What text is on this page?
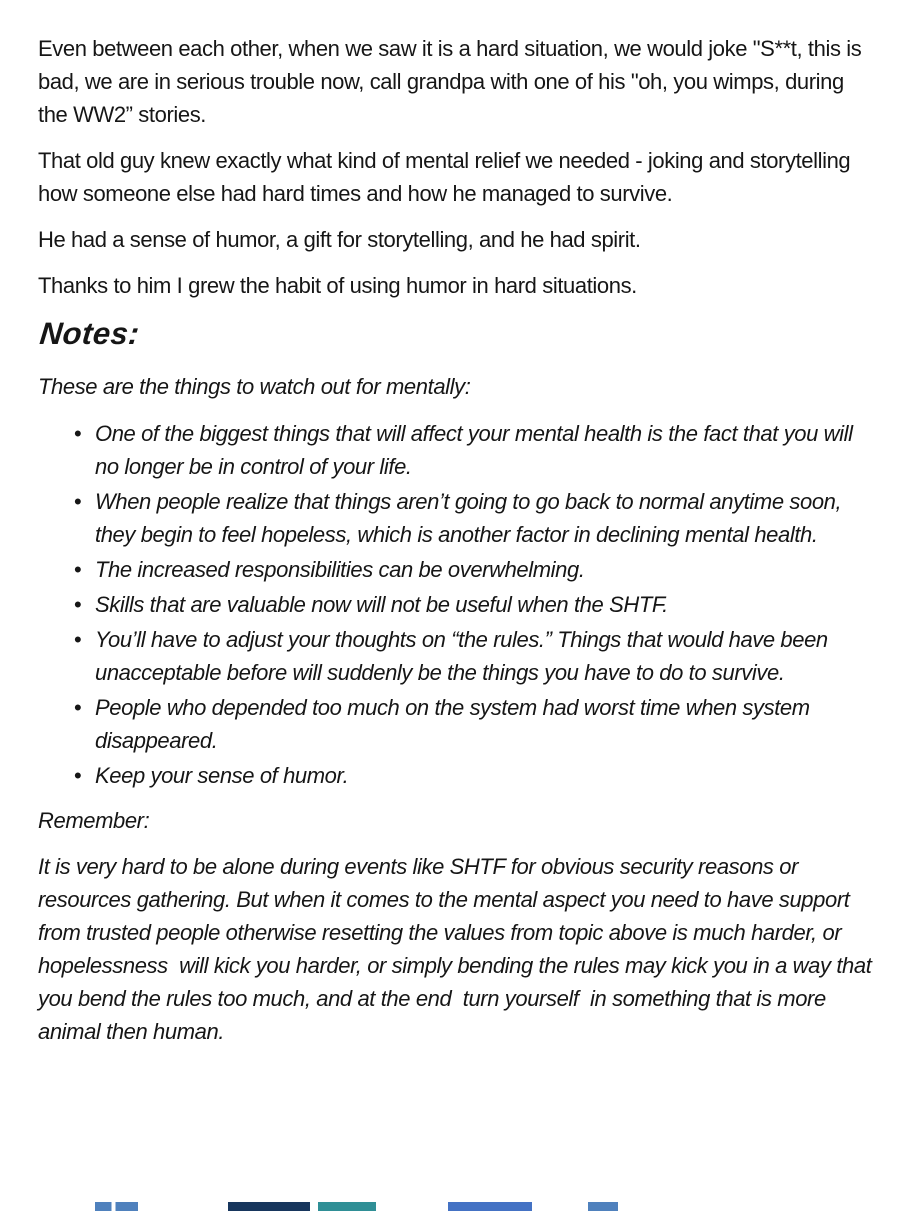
Even between each other, when we saw it is a hard situation, we would joke "S**t, this is bad, we are in serious trouble now, call grandpa with one of his "oh, you wimps, during the WW2” stories.

That old guy knew exactly what kind of mental relief we needed - joking and storytelling how someone else had hard times and how he managed to survive.

He had a sense of humor, a gift for storytelling, and he had spirit.

Thanks to him I grew the habit of using humor in hard situations.

Notes:

These are the things to watch out for mentally:

• One of the biggest things that will affect your mental health is the fact that you will no longer be in control of your life.
• When people realize that things aren’t going to go back to normal anytime soon, they begin to feel hopeless, which is another factor in declining mental health.
• The increased responsibilities can be overwhelming.
• Skills that are valuable now will not be useful when the SHTF.
• You’ll have to adjust your thoughts on “the rules.” Things that would have been unacceptable before will suddenly be the things you have to do to survive.
• People who depended too much on the system had worst time when system disappeared.
• Keep your sense of humor.

Remember:

It is very hard to be alone during events like SHTF for obvious security reasons or resources gathering. But when it comes to the mental aspect you need to have support from trusted people otherwise resetting the values from topic above is much harder, or hopelessness  will kick you harder, or simply bending the rules may kick you in a way that you bend the rules too much, and at the end  turn yourself  in something that is more animal then human.
